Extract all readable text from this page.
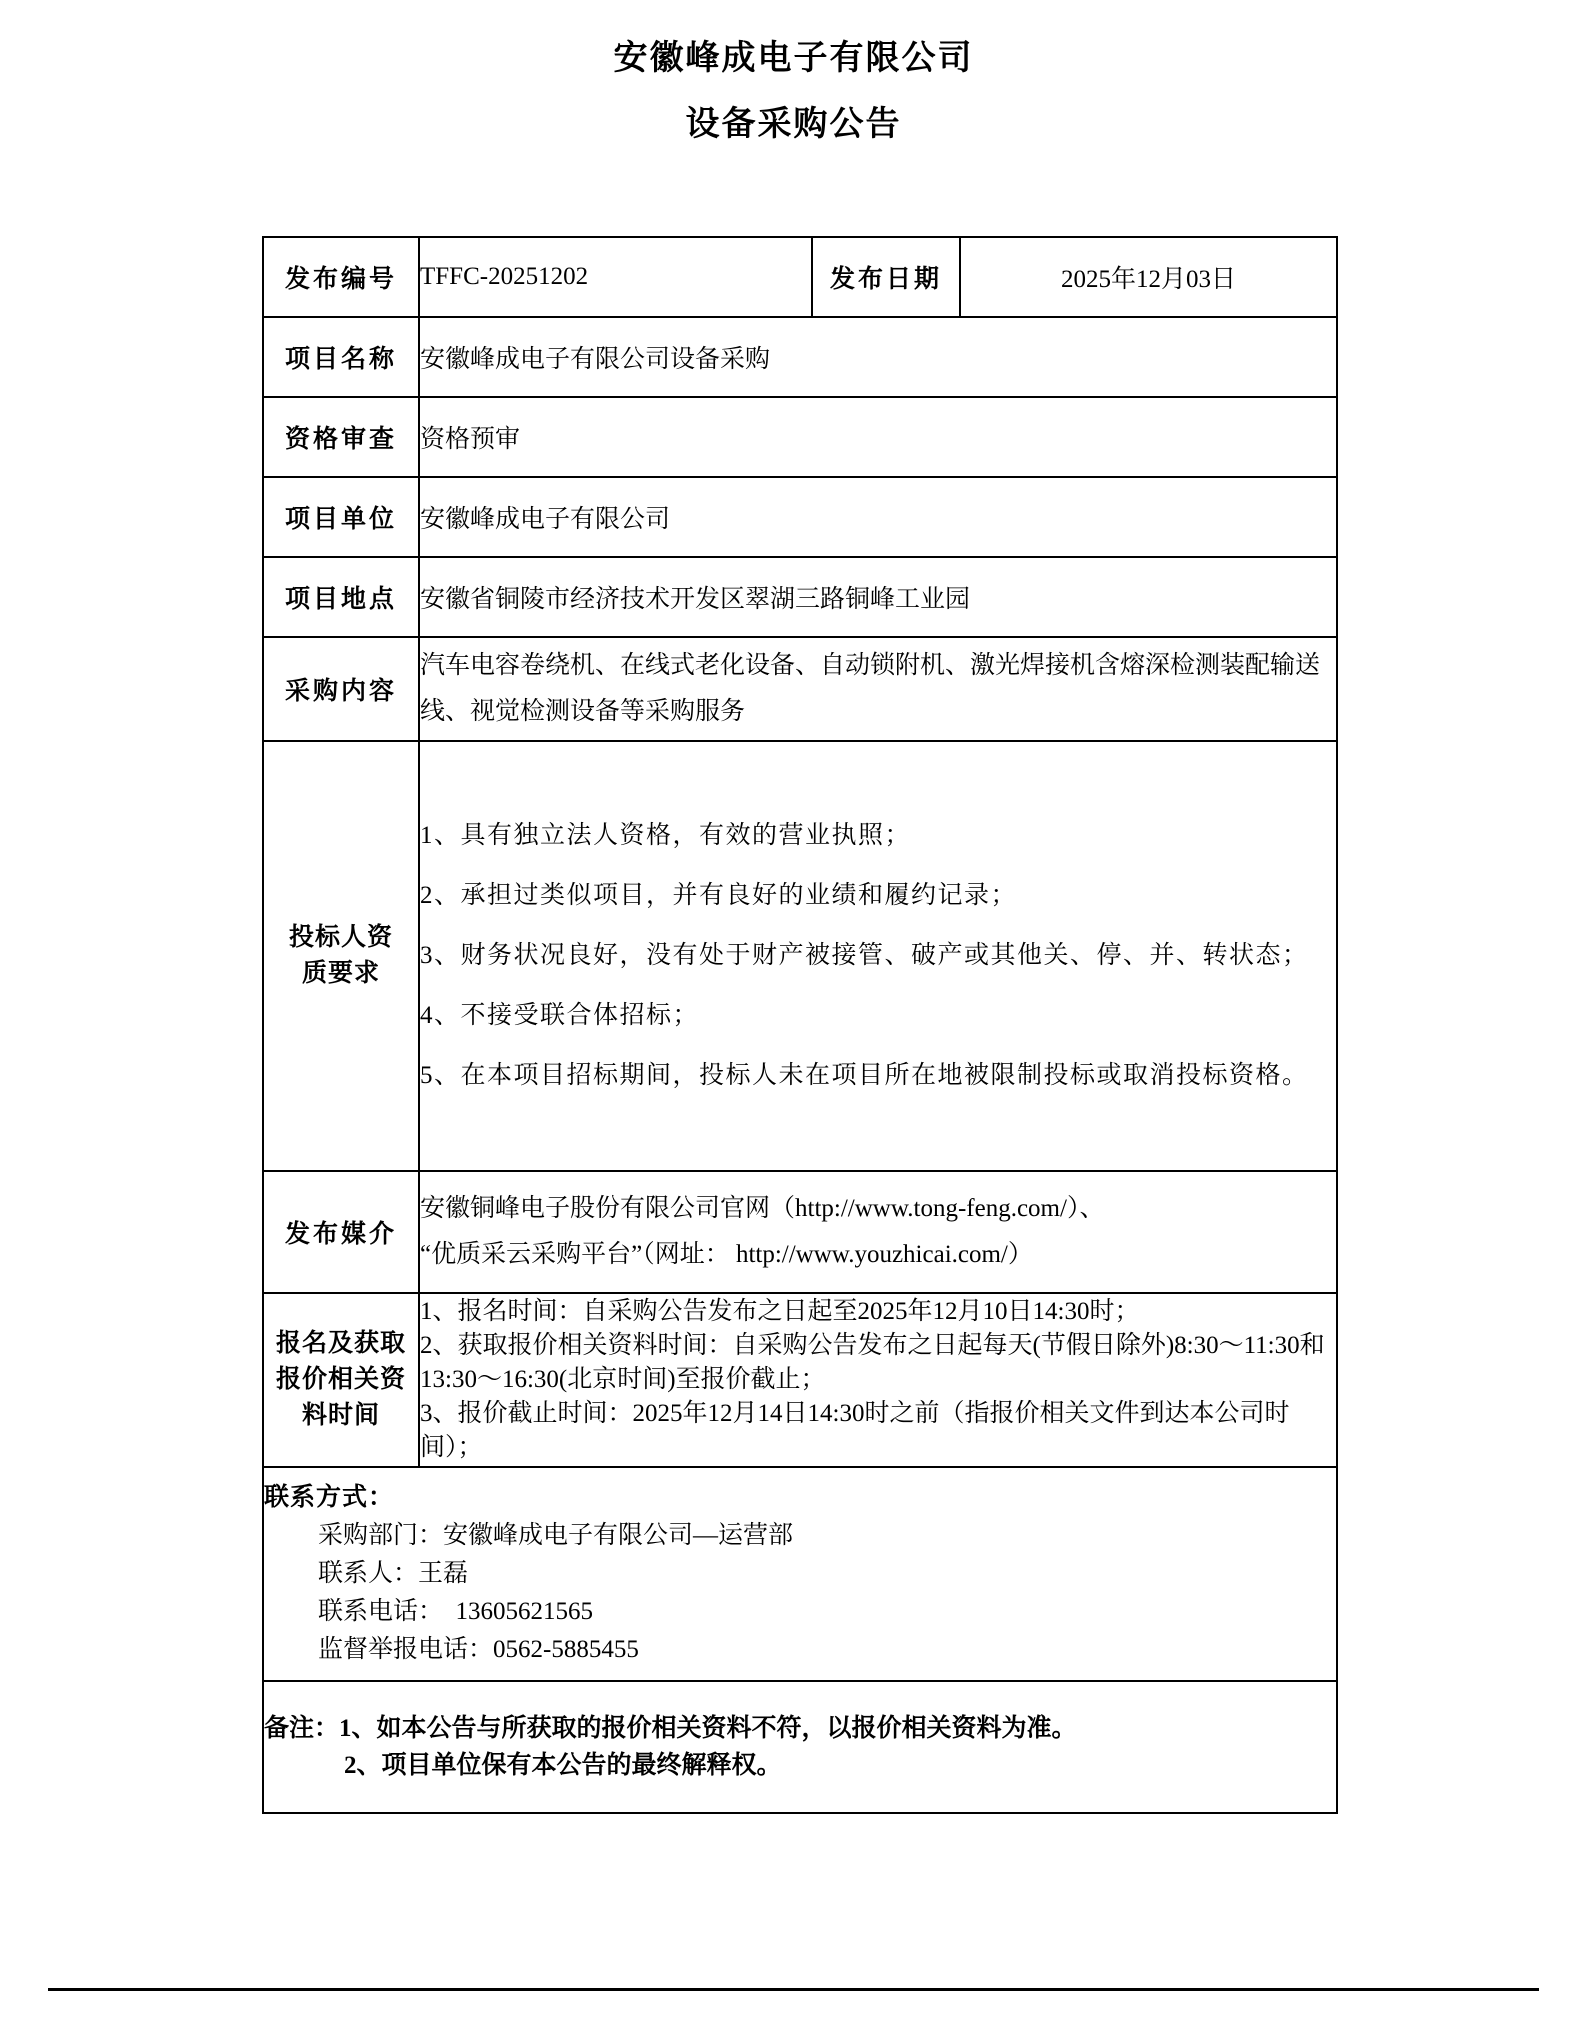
安徽峰成电子有限公司
设备采购公告
发布编号	TFFC-20251202	发布日期	2025年12月03日
项目名称	安徽峰成电子有限公司设备采购		
资格审查	资格预审		
项目单位	安徽峰成电子有限公司		
项目地点	安徽省铜陵市经济技术开发区翠湖三路铜峰工业园		
采购内容	汽车电容卷绕机、在线式老化设备、自动锁附机、激光焊接机含熔深检测装配输送线、视觉检测设备等采购服务		

投标人资质要求	1、具有独立法人资格，有效的营业执照；
2、承担过类似项目，并有良好的业绩和履约记录；
3、财务状况良好，没有处于财产被接管、破产或其他关、停、并、转状态；
4、不接受联合体招标；
5、在本项目招标期间，投标人未在项目所在地被限制投标或取消投标资格。		

发布媒介	安徽铜峰电子股份有限公司官网（http://www.tong-feng.com/）、
“优质采云采购平台”（网址： http://www.youzhicai.com/）		

报名及获取报价相关资料时间	1、报名时间：自采购公告发布之日起至2025年12月10日14:30时；
2、获取报价相关资料时间：自采购公告发布之日起每天(节假日除外)8:30～11:30和13:30～16:30(北京时间)至报价截止；
3、报价截止时间：2025年12月14日14:30时之前（指报价相关文件到达本公司时间）；		

联系方式：
采购部门：安徽峰成电子有限公司—运营部
联系人：王磊
联系电话：  13605621565
监督举报电话：0562-5885455			

备注：1、如本公告与所获取的报价相关资料不符，以报价相关资料为准。
2、项目单位保有本公告的最终解释权。			
